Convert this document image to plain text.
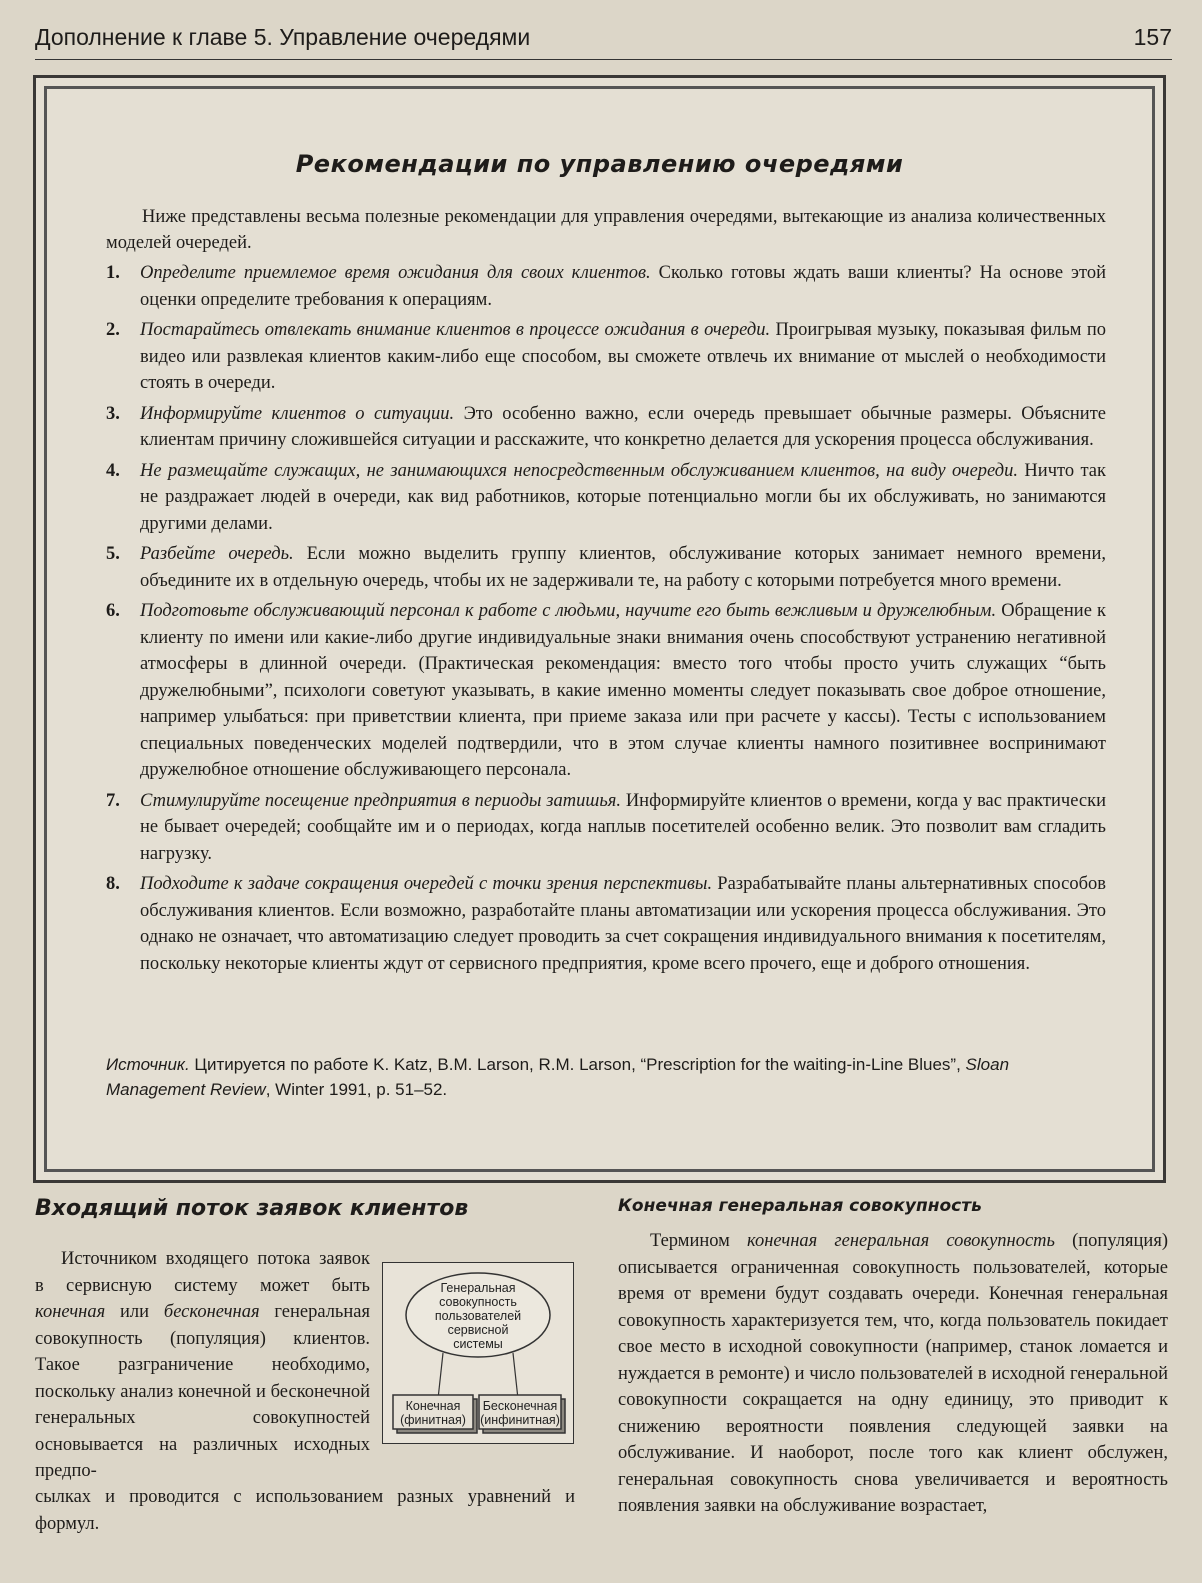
Дополнение к главе 5. Управление очередями	157
Рекомендации по управлению очередями
Ниже представлены весьма полезные рекомендации для управления очередями, вытекающие из анализа количественных моделей очередей.
1. Определите приемлемое время ожидания для своих клиентов. Сколько готовы ждать ваши клиенты? На основе этой оценки определите требования к операциям.
2. Постарайтесь отвлекать внимание клиентов в процессе ожидания в очереди. Проигрывая музыку, показывая фильм по видео или развлекая клиентов каким-либо еще способом, вы сможете отвлечь их внимание от мыслей о необходимости стоять в очереди.
3. Информируйте клиентов о ситуации. Это особенно важно, если очередь превышает обычные размеры. Объясните клиентам причину сложившейся ситуации и расскажите, что конкретно делается для ускорения процесса обслуживания.
4. Не размещайте служащих, не занимающихся непосредственным обслуживанием клиентов, на виду очереди. Ничто так не раздражает людей в очереди, как вид работников, которые потенциально могли бы их обслуживать, но занимаются другими делами.
5. Разбейте очередь. Если можно выделить группу клиентов, обслуживание которых занимает немного времени, объедините их в отдельную очередь, чтобы их не задерживали те, на работу с которыми потребуется много времени.
6. Подготовьте обслуживающий персонал к работе с людьми, научите его быть вежливым и дружелюбным. Обращение к клиенту по имени или какие-либо другие индивидуальные знаки внимания очень способствуют устранению негативной атмосферы в длинной очереди. (Практическая рекомендация: вместо того чтобы просто учить служащих “быть дружелюбными”, психологи советуют указывать, в какие именно моменты следует показывать свое доброе отношение, например улыбаться: при приветствии клиента, при приеме заказа или при расчете у кассы). Тесты с использованием специальных поведенческих моделей подтвердили, что в этом случае клиенты намного позитивнее воспринимают дружелюбное отношение обслуживающего персонала.
7. Стимулируйте посещение предприятия в периоды затишья. Информируйте клиентов о времени, когда у вас практически не бывает очередей; сообщайте им и о периодах, когда наплыв посетителей особенно велик. Это позволит вам сгладить нагрузку.
8. Подходите к задаче сокращения очередей с точки зрения перспективы. Разрабатывайте планы альтернативных способов обслуживания клиентов. Если возможно, разработайте планы автоматизации или ускорения процесса обслуживания. Это однако не означает, что автоматизацию следует проводить за счет сокращения индивидуального внимания к посетителям, поскольку некоторые клиенты ждут от сервисного предприятия, кроме всего прочего, еще и доброго отношения.
Источник. Цитируется по работе K. Katz, B.M. Larson, R.M. Larson, “Prescription for the waiting-in-Line Blues”, Sloan Management Review, Winter 1991, p. 51–52.
Входящий поток заявок клиентов

Источником входящего потока заявок в сервисную систему может быть конечная или бесконечная генеральная совокупность (популяция) клиентов. Такое разграничение необходимо, поскольку анализ конечной и бесконечной генеральных совокупностей основывается на различных исходных предпо-

сылках и проводится с использованием разных уравнений и формул.

Генеральная
совокупность
пользователей
сервисной
системы
Конечная
(финитная)
Бесконечная
(инфинитная)
Конечная генеральная совокупность

Термином конечная генеральная совокупность (популяция) описывается ограниченная совокупность пользователей, которые время от времени будут создавать очереди. Конечная генеральная совокупность характеризуется тем, что, когда пользователь покидает свое место в исходной совокупности (например, станок ломается и нуждается в ремонте) и число пользователей в исходной генеральной совокупности сокращается на одну единицу, это приводит к снижению вероятности появления следующей заявки на обслуживание. И наоборот, после того как клиент обслужен, генеральная совокупность снова увеличивается и вероятность появления заявки на обслуживание возрастает,
